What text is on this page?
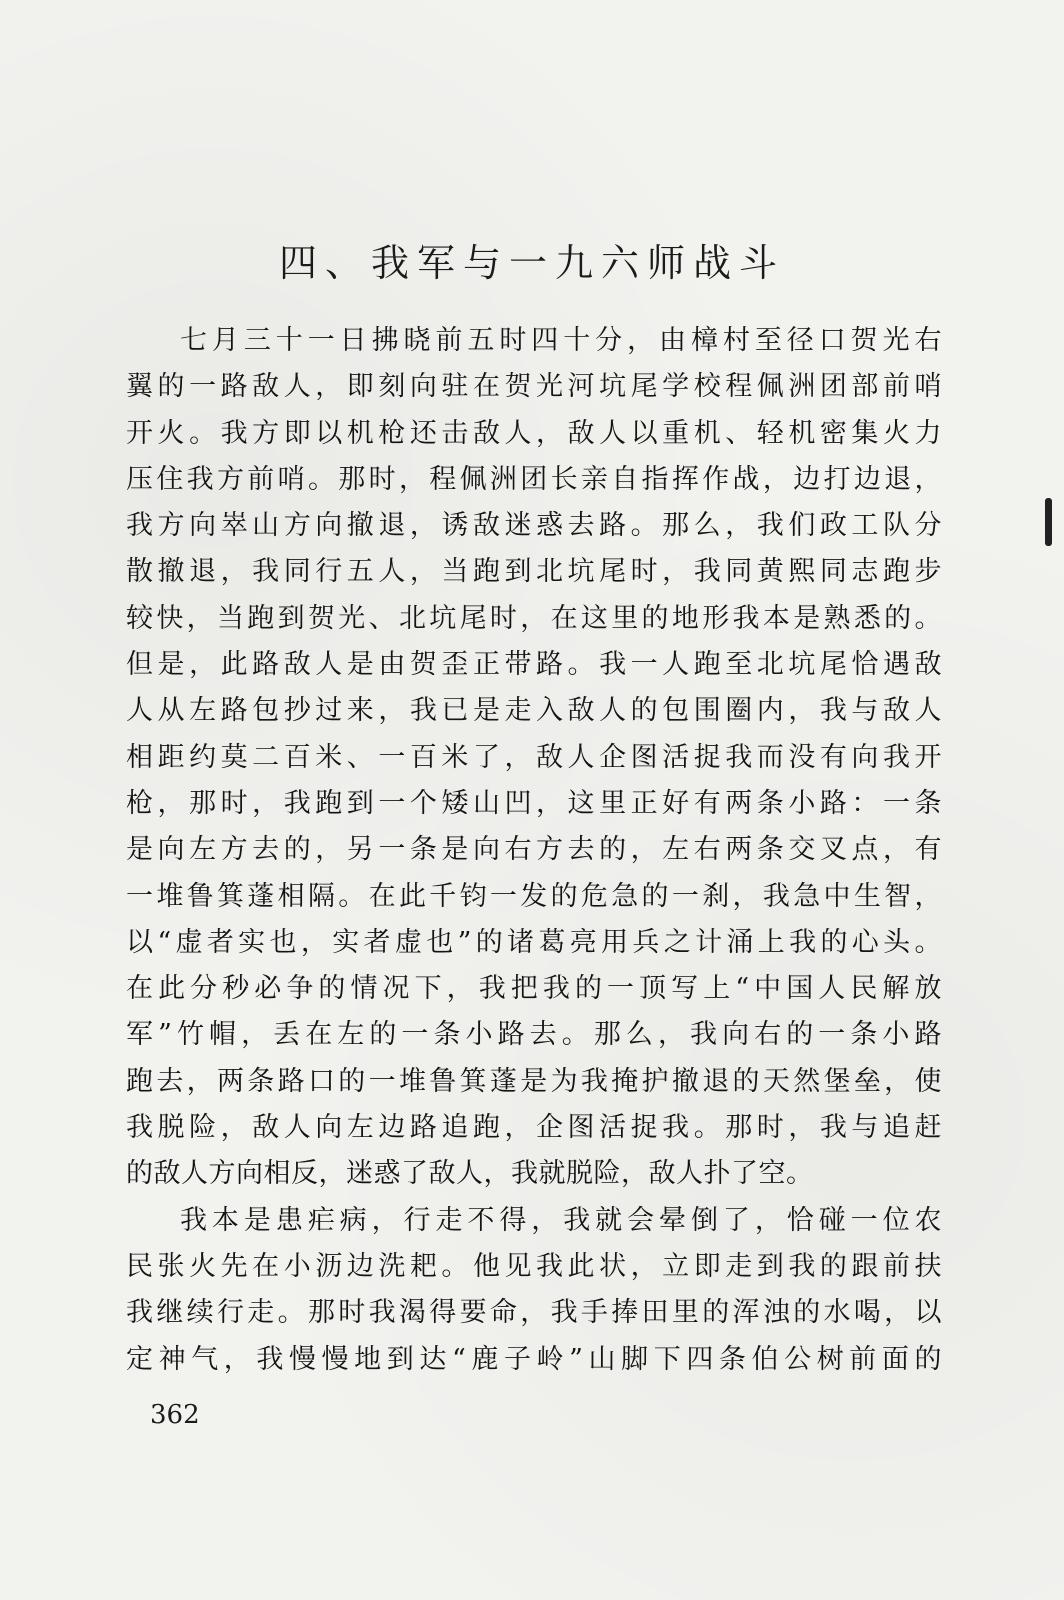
四、我军与一九六师战斗

七月三十一日拂晓前五时四十分，由樟村至径口贺光右
翼的一路敌人，即刻向驻在贺光河坑尾学校程佩洲团部前哨
开火。我方即以机枪还击敌人，敌人以重机、轻机密集火力
压住我方前哨。那时，程佩洲团长亲自指挥作战，边打边退，
我方向崒山方向撤退，诱敌迷惑去路。那么，我们政工队分
散撤退，我同行五人，当跑到北坑尾时，我同黄熙同志跑步
较快，当跑到贺光、北坑尾时，在这里的地形我本是熟悉的。
但是，此路敌人是由贺歪正带路。我一人跑至北坑尾恰遇敌
人从左路包抄过来，我已是走入敌人的包围圈内，我与敌人
相距约莫二百米、一百米了，敌人企图活捉我而没有向我开
枪，那时，我跑到一个矮山凹，这里正好有两条小路：一条
是向左方去的，另一条是向右方去的，左右两条交叉点，有
一堆鲁箕蓬相隔。在此千钧一发的危急的一刹，我急中生智，
以“虚者实也，实者虚也”的诸葛亮用兵之计涌上我的心头。
在此分秒必争的情况下，我把我的一顶写上“中国人民解放
军”竹帽，丢在左的一条小路去。那么，我向右的一条小路
跑去，两条路口的一堆鲁箕蓬是为我掩护撤退的天然堡垒，使
我脱险，敌人向左边路追跑，企图活捉我。那时，我与追赶
的敌人方向相反，迷惑了敌人，我就脱险，敌人扑了空。

我本是患疟病，行走不得，我就会晕倒了，恰碰一位农
民张火先在小沥边洗耙。他见我此状，立即走到我的跟前扶
我继续行走。那时我渴得要命，我手捧田里的浑浊的水喝，以
定神气，我慢慢地到达“鹿子岭”山脚下四条伯公树前面的

362
